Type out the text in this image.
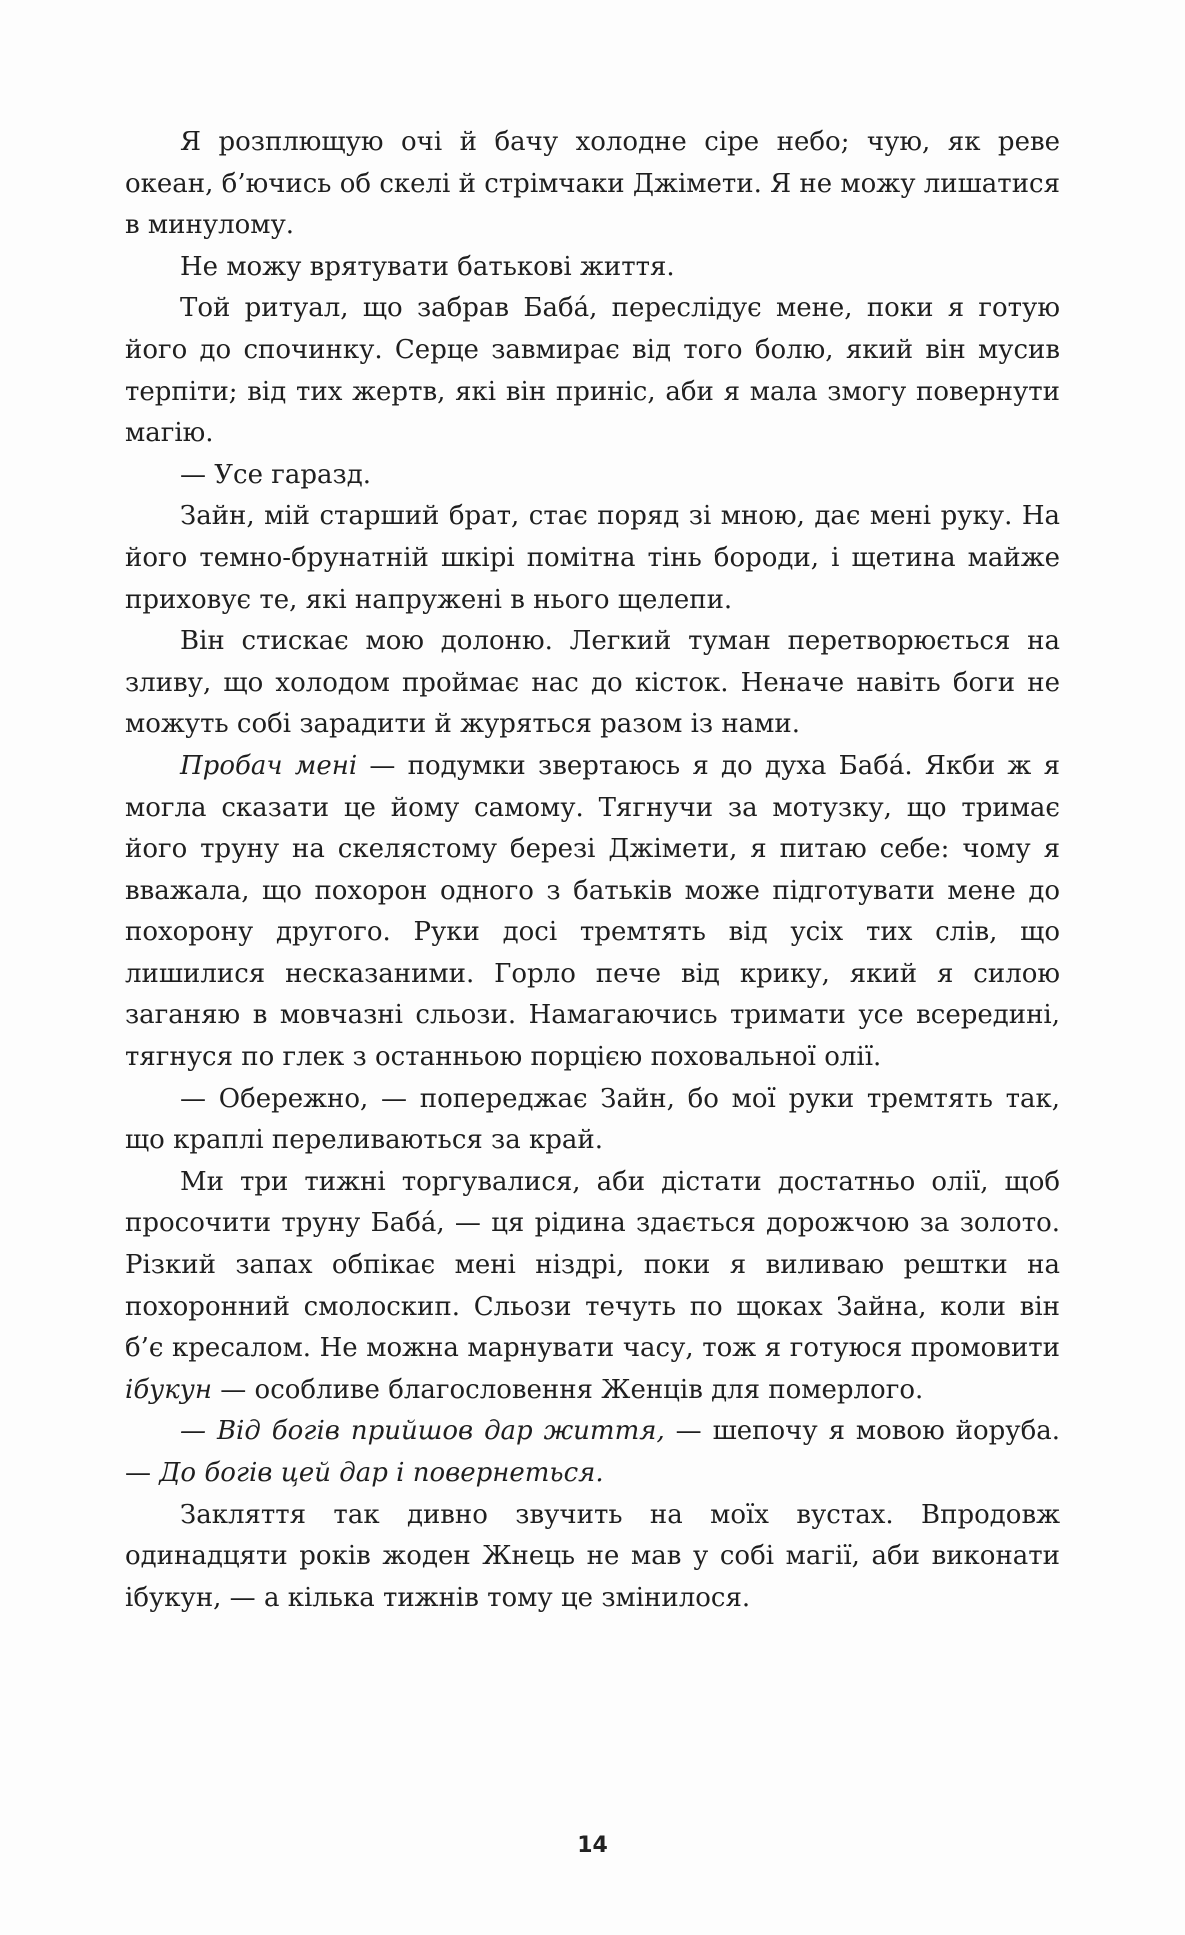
Я розплющую очі й бачу холодне сіре небо; чую, як реве океан, б’ючись об скелі й стрімчаки Джімети. Я не можу лишатися в минулому.

Не можу врятувати батькові життя.

Той ритуал, що забрав Бабá, переслідує мене, поки я готую його до спочинку. Серце завмирає від того болю, який він мусив терпіти; від тих жертв, які він приніс, аби я мала змогу повернути магію.

— Усе гаразд.

Зайн, мій старший брат, стає поряд зі мною, дає мені руку. На його темно-брунатній шкірі помітна тінь бороди, і щетина майже приховує те, які напружені в нього щелепи.

Він стискає мою долоню. Легкий туман перетворюється на зливу, що холодом проймає нас до кісток. Неначе навіть боги не можуть собі зарадити й журяться разом із нами.

Пробач мені — подумки звертаюсь я до духа Бабá. Якби ж я могла сказати це йому самому. Тягнучи за мотузку, що тримає його труну на скелястому березі Джімети, я питаю себе: чому я вважала, що похорон одного з батьків може підготувати мене до похорону другого. Руки досі тремтять від усіх тих слів, що лишилися несказаними. Горло пече від крику, який я силою заганяю в мовчазні сльози. Намагаючись тримати усе всередині, тягнуся по глек з останньою порцією поховальної олії.

— Обережно, — попереджає Зайн, бо мої руки тремтять так, що краплі переливаються за край.

Ми три тижні торгувалися, аби дістати достатньо олії, щоб просочити труну Бабá, — ця рідина здається дорожчою за золото. Різкий запах обпікає мені ніздрі, поки я виливаю рештки на похоронний смолоскип. Сльози течуть по щоках Зайна, коли він б’є кресалом. Не можна марнувати часу, тож я готуюся промовити ібукун — особливе благословення Женців для померлого.

— Від богів прийшов дар життя, — шепочу я мовою йоруба. — До богів цей дар і повернеться.

Закляття так дивно звучить на моїх вустах. Впродовж одинадцяти років жоден Жнець не мав у собі магії, аби виконати ібукун, — а кілька тижнів тому це змінилося.

14
